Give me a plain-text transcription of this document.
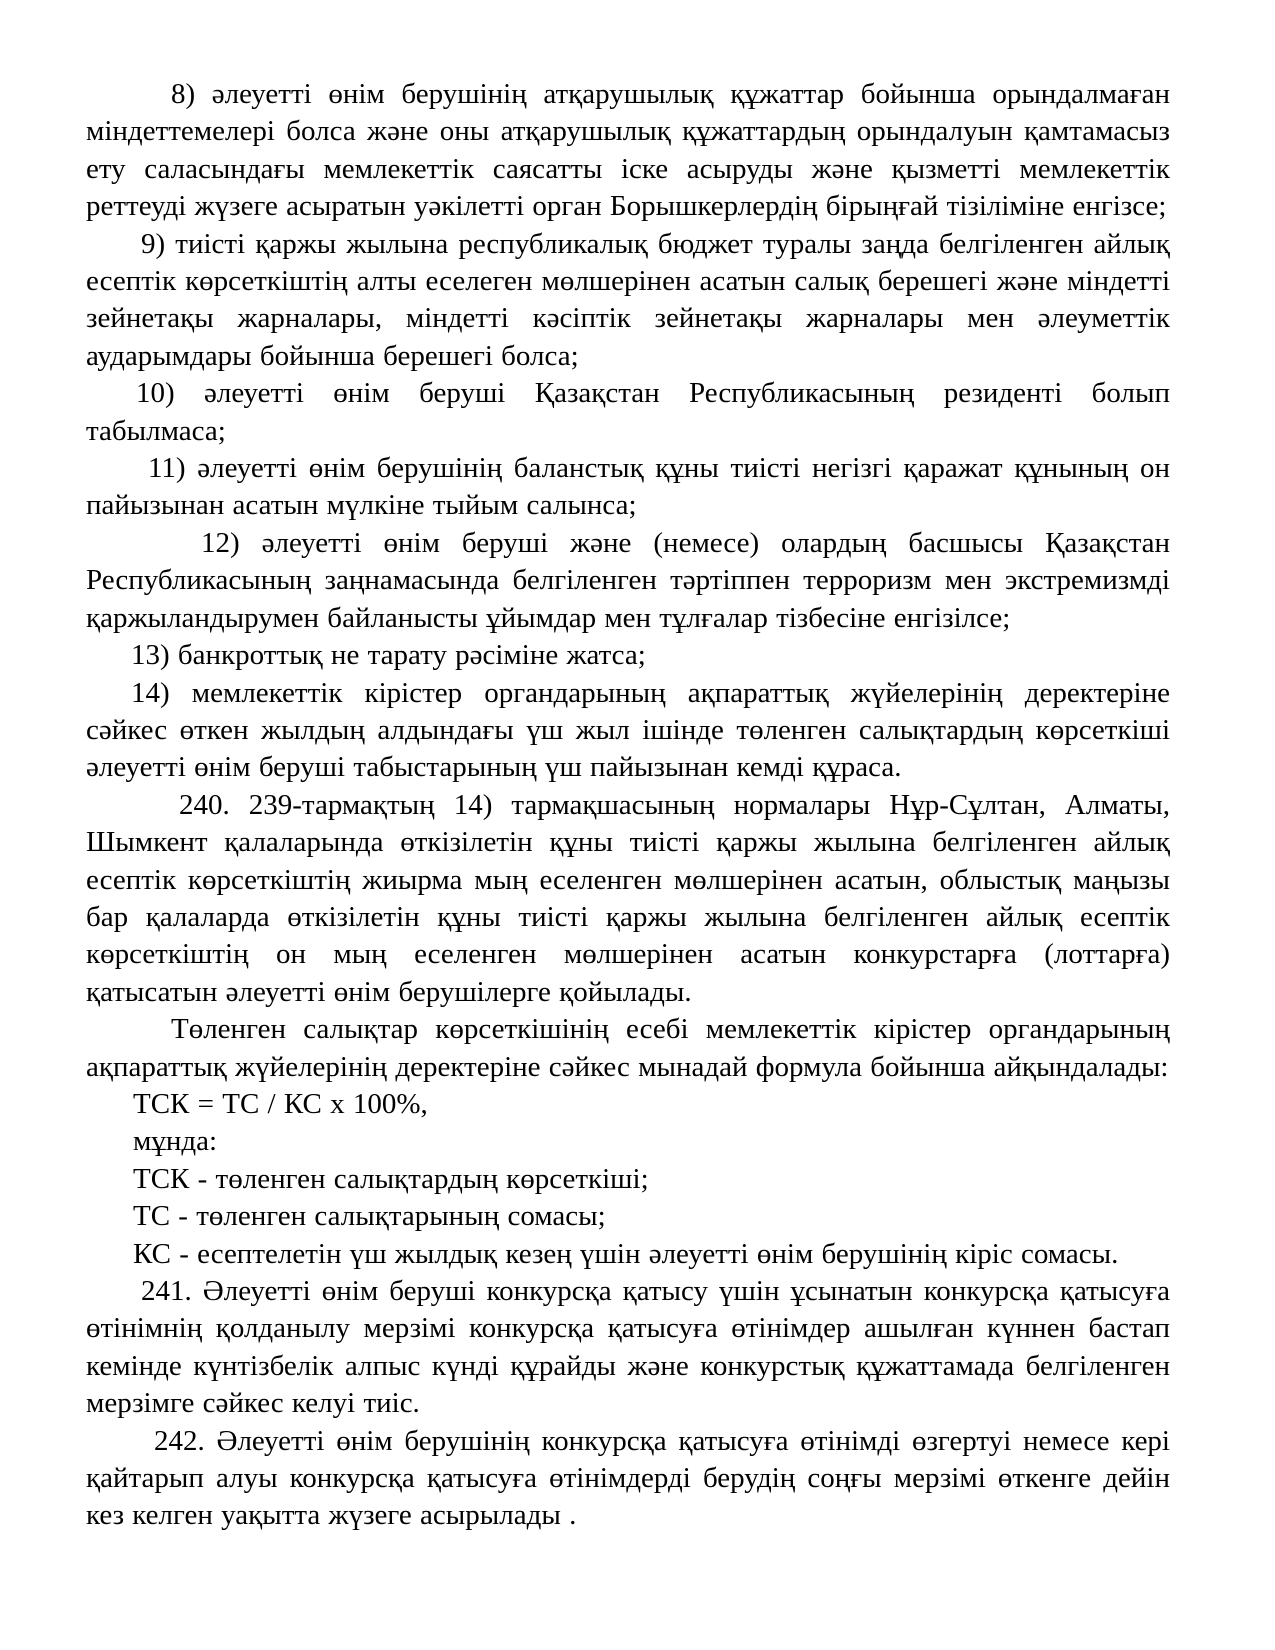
8) әлеуетті өнім берушінің атқарушылық құжаттар бойынша орындалмаған міндеттемелері болса және оны атқарушылық құжаттардың орындалуын қамтамасыз ету саласындағы мемлекеттік саясатты іске асыруды және қызметті мемлекеттік реттеуді жүзеге асыратын уәкілетті орган Борышкерлердің бірыңғай тізіліміне енгізсе;

9) тиісті қаржы жылына республикалық бюджет туралы заңда белгіленген айлық есептік көрсеткіштің алты еселеген мөлшерінен асатын салық берешегі және міндетті зейнетақы жарналары, міндетті кәсіптік зейнетақы жарналары мен әлеуметтік аударымдары бойынша берешегі болса;

10) әлеуетті өнім беруші Қазақстан Республикасының резиденті болып табылмаса;

11) әлеуетті өнім берушінің баланстық құны тиісті негізгі қаражат құнының он пайызынан асатын мүлкіне тыйым салынса;

12) әлеуетті өнім беруші және (немесе) олардың басшысы Қазақстан Республикасының заңнамасында белгіленген тәртіппен терроризм мен экстремизмді қаржыландырумен байланысты ұйымдар мен тұлғалар тізбесіне енгізілсе;

13) банкроттық не тарату рәсіміне жатса;

14) мемлекеттік кірістер органдарының ақпараттық жүйелерінің деректеріне сәйкес өткен жылдың алдындағы үш жыл ішінде төленген салықтардың көрсеткіші әлеуетті өнім беруші табыстарының үш пайызынан кемді құраса.

240. 239-тармақтың 14) тармақшасының нормалары Нұр-Сұлтан, Алматы, Шымкент қалаларында өткізілетін құны тиісті қаржы жылына белгіленген айлық есептік көрсеткіштің жиырма мың еселенген мөлшерінен асатын, облыстық маңызы бар қалаларда өткізілетін құны тиісті қаржы жылына белгіленген айлық есептік көрсеткіштің он мың еселенген мөлшерінен асатын конкурстарға (лоттарға) қатысатын әлеуетті өнім берушілерге қойылады.

Төленген салықтар көрсеткішінің есебі мемлекеттік кірістер органдарының ақпараттық жүйелерінің деректеріне сәйкес мынадай формула бойынша айқындалады:

ТСК = ТС / КС х 100%,

мұнда:

ТСК - төленген салықтардың көрсеткіші;

ТС - төленген салықтарының сомасы;

КС - есептелетін үш жылдық кезең үшін әлеуетті өнім берушінің кіріс сомасы.

241. Әлеуетті өнім беруші конкурсқа қатысу үшін ұсынатын конкурсқа қатысуға өтінімнің қолданылу мерзімі конкурсқа қатысуға өтінімдер ашылған күннен бастап кемінде күнтізбелік алпыс күнді құрайды және конкурстық құжаттамада белгіленген мерзімге сәйкес келуі тиіс.

242. Әлеуетті өнім берушінің конкурсқа қатысуға өтінімді өзгертуі немесе кері қайтарып алуы конкурсқа қатысуға өтінімдерді берудің соңғы мерзімі өткенге дейін кез келген уақытта жүзеге асырылады .
